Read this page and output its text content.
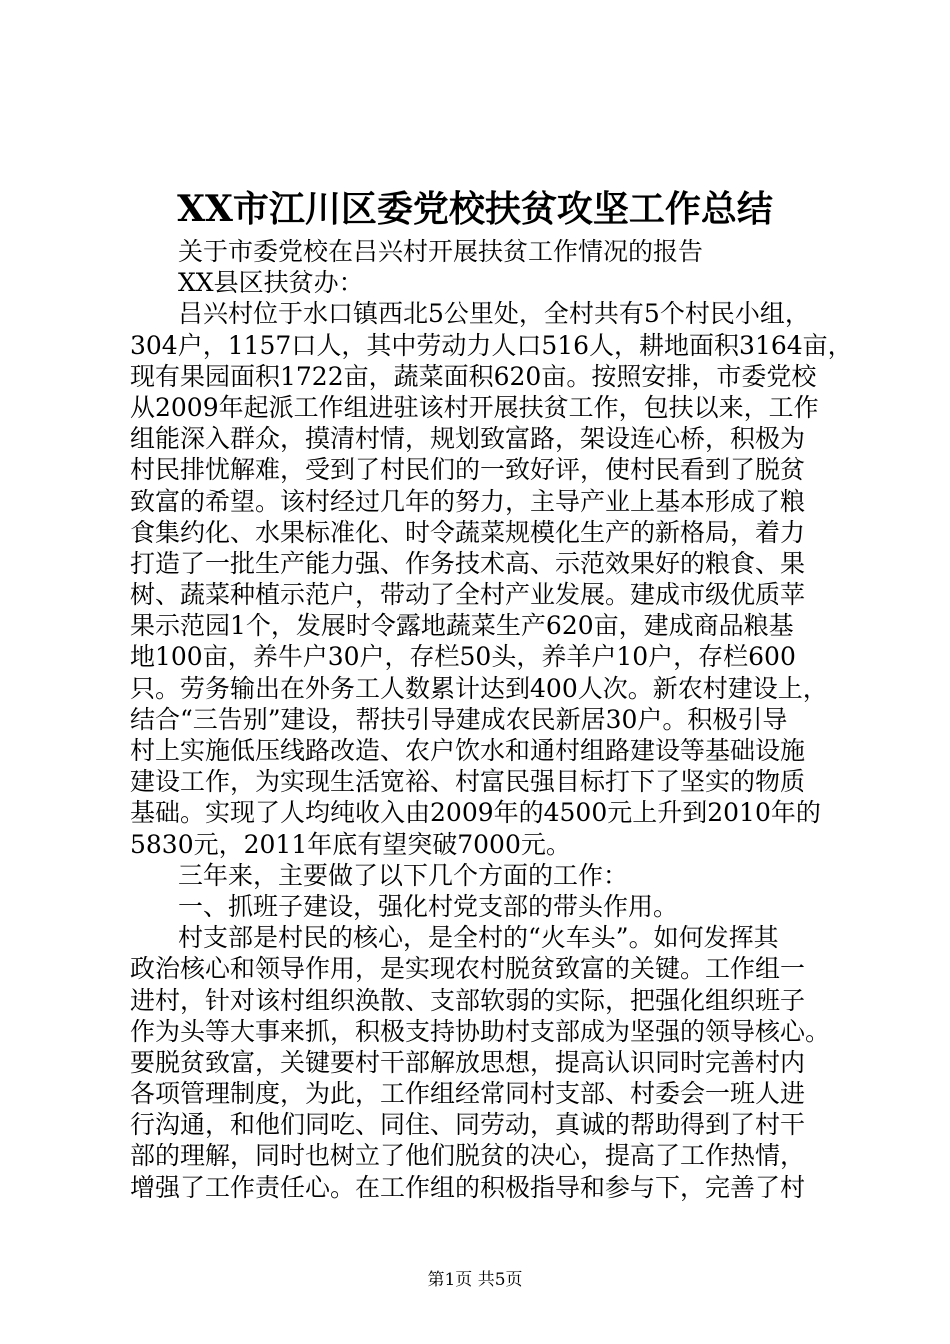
XX市江川区委党校扶贫攻坚工作总结
关于市委党校在吕兴村开展扶贫工作情况的报告
XX县区扶贫办：
吕兴村位于水口镇西北5公里处，全村共有5个村民小组，
304户，1157口人，其中劳动力人口516人，耕地面积3164亩，
现有果园面积1722亩，蔬菜面积620亩。按照安排，市委党校
从2009年起派工作组进驻该村开展扶贫工作，包扶以来，工作
组能深入群众，摸清村情，规划致富路，架设连心桥，积极为
村民排忧解难，受到了村民们的一致好评，使村民看到了脱贫
致富的希望。该村经过几年的努力，主导产业上基本形成了粮
食集约化、水果标准化、时令蔬菜规模化生产的新格局，着力
打造了一批生产能力强、作务技术高、示范效果好的粮食、果
树、蔬菜种植示范户，带动了全村产业发展。建成市级优质苹
果示范园1个，发展时令露地蔬菜生产620亩，建成商品粮基
地100亩，养牛户30户，存栏50头，养羊户10户，存栏600
只。劳务输出在外务工人数累计达到400人次。新农村建设上，
结合“三告别”建设，帮扶引导建成农民新居30户。积极引导
村上实施低压线路改造、农户饮水和通村组路建设等基础设施
建设工作，为实现生活宽裕、村富民强目标打下了坚实的物质
基础。实现了人均纯收入由2009年的4500元上升到2010年的
5830元，2011年底有望突破7000元。
三年来，主要做了以下几个方面的工作：
一、抓班子建设，强化村党支部的带头作用。
村支部是村民的核心，是全村的“火车头”。如何发挥其
政治核心和领导作用，是实现农村脱贫致富的关键。工作组一
进村，针对该村组织涣散、支部软弱的实际，把强化组织班子
作为头等大事来抓，积极支持协助村支部成为坚强的领导核心。
要脱贫致富，关键要村干部解放思想，提高认识同时完善村内
各项管理制度，为此，工作组经常同村支部、村委会一班人进
行沟通，和他们同吃、同住、同劳动，真诚的帮助得到了村干
部的理解，同时也树立了他们脱贫的决心，提高了工作热情，
增强了工作责任心。在工作组的积极指导和参与下，完善了村
第1页 共5页
